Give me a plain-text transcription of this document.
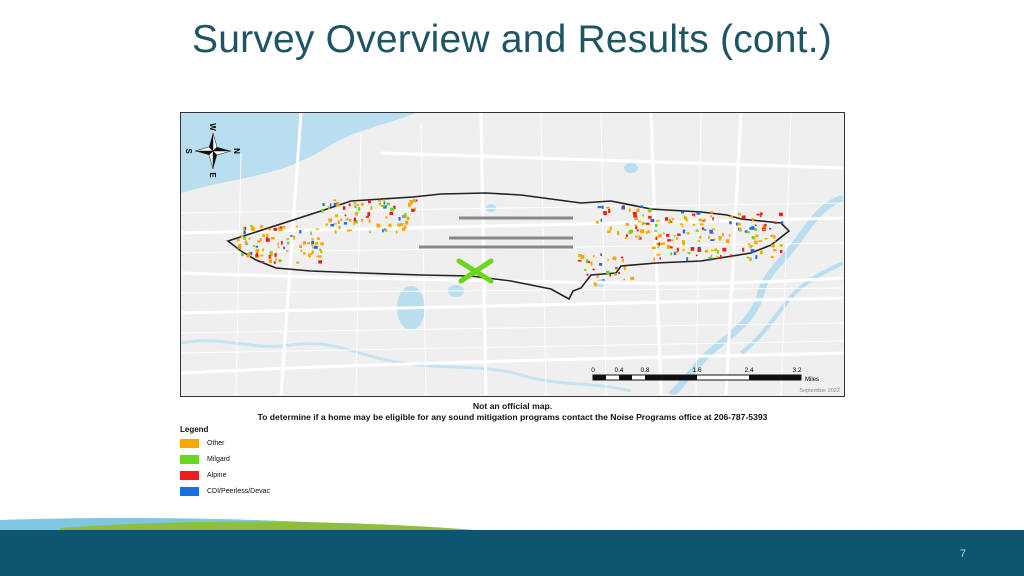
Survey Overview and Results (cont.)
W
N
E
S
0	0.4	0.8	1.6	2.4	3.2
Miles
September 2022
Not an official map.
To determine if a home may be eligible for any sound mitigation programs contact the Noise Programs office at 206-787-5393
Legend
Other
Milgard
Alpine
CDI/Peerless/Devac
7
